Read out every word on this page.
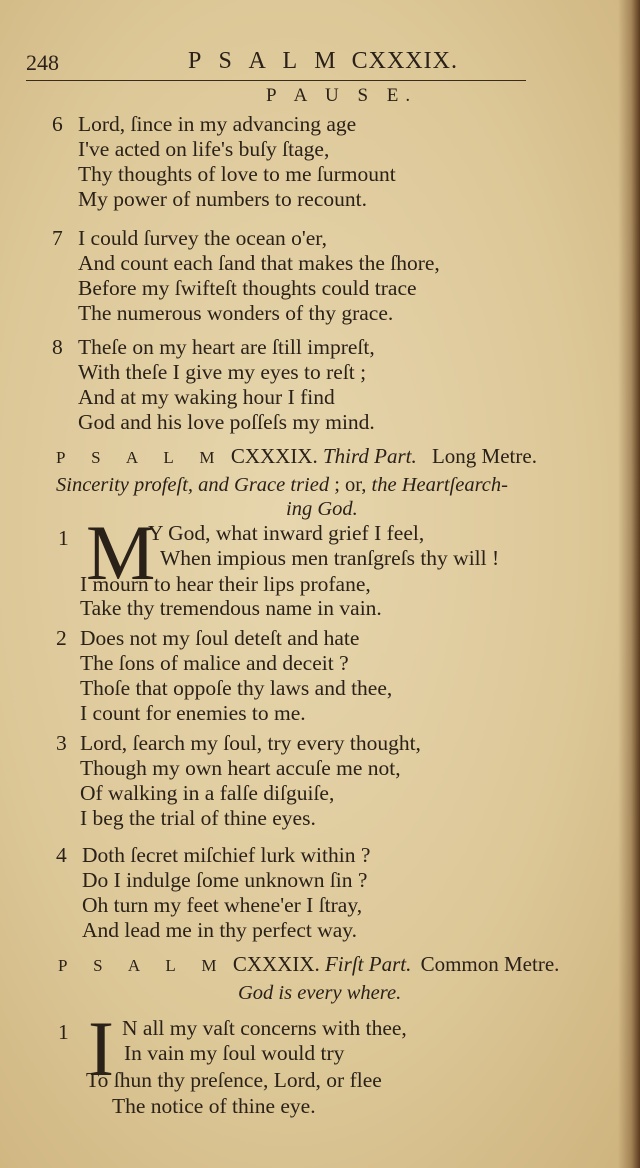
248	P S A L M CXXXIX.
P A U S E.
6 Lord, ſince in my advancing age
I've acted on life's buſy ſtage,
Thy thoughts of love to me ſurmount
My power of numbers to recount.
7 I could ſurvey the ocean o'er,
And count each ſand that makes the ſhore,
Before my ſwifteſt thoughts could trace
The numerous wonders of thy grace.
8 Theſe on my heart are ſtill impreſt,
With theſe I give my eyes to reſt ;
And at my waking hour I find
God and his love poſſeſs my mind.
P S A L M CXXXIX. Third Part. Long Metre.
Sincerity profeſt, and Grace tried ; or, the Heartſearch-
ing God.
1 M
Y God, what inward grief I feel,
When impious men tranſgreſs thy will !
I mourn to hear their lips profane,
Take thy tremendous name in vain.
2 Does not my ſoul deteſt and hate
The ſons of malice and deceit ?
Thoſe that oppoſe thy laws and thee,
I count for enemies to me.
3 Lord, ſearch my ſoul, try every thought,
Though my own heart accuſe me not,
Of walking in a falſe diſguiſe,
I beg the trial of thine eyes.
4 Doth ſecret miſchief lurk within ?
Do I indulge ſome unknown ſin ?
Oh turn my feet whene'er I ſtray,
And lead me in thy perfect way.
P S A L M CXXXIX. Firſt Part. Common Metre.
God is every where.
1 I N all my vaſt concerns with thee,
In vain my ſoul would try
To ſhun thy preſence, Lord, or flee
The notice of thine eye.
